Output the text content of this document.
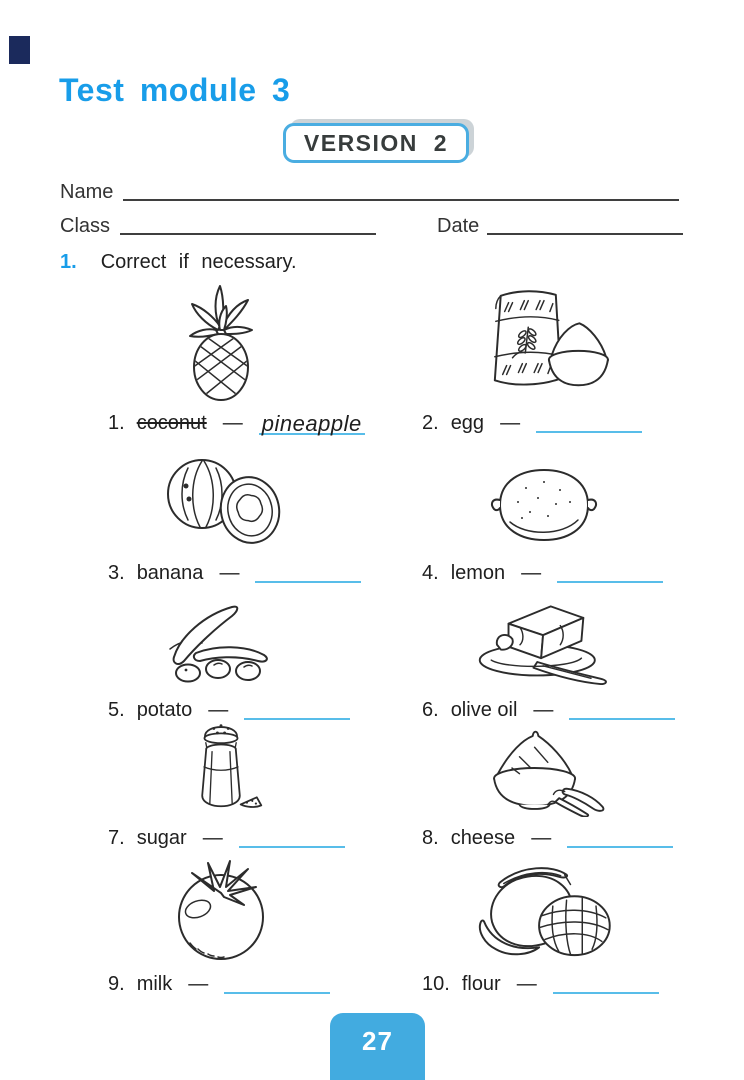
Test module 3
VERSION 2
Name
Class	Date
1. Correct if necessary.
1. coconut — pineapple	2. egg —
3. banana —	4. lemon —
5. potato —	6. olive oil —
7. sugar —	8. cheese —
9. milk —	10. flour —
27
